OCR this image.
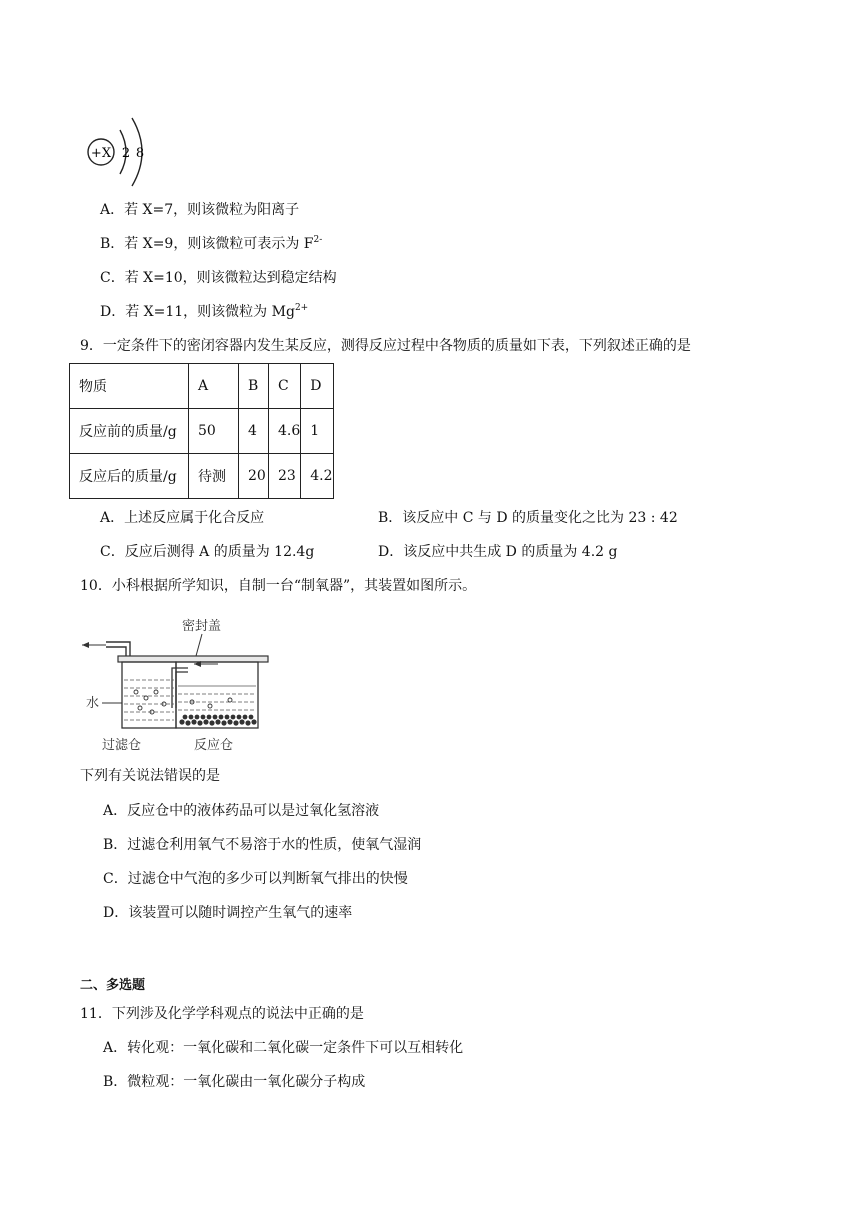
+X 2 8
A．若 X=7，则该微粒为阳离子
B．若 X=9，则该微粒可表示为 $F^{2-}$
C．若 X=10，则该微粒达到稳定结构
D．若 X=11，则该微粒为 $Mg^{2+}$
9．一定条件下的密闭容器内发生某反应，测得反应过程中各物质的质量如下表，下列叙述正确的是
物质	A	B	C	D
反应前的质量/g	50	4	4.6	1
反应后的质量/g	待测	20	23	4.2
A．上述反应属于化合反应	B．该反应中 C 与 D 的质量变化之比为 23 : 42
C．反应后测得 A 的质量为 12.4g	D．该反应中共生成 D 的质量为 4.2 g
10．小科根据所学知识，自制一台“制氧器”，其装置如图所示。
密封盖
水
过滤仓	反应仓
下列有关说法错误的是
A．反应仓中的液体药品可以是过氧化氢溶液
B．过滤仓利用氧气不易溶于水的性质，使氧气湿润
C．过滤仓中气泡的多少可以判断氧气排出的快慢
D．该装置可以随时调控产生氧气的速率
二、多选题
11．下列涉及化学学科观点的说法中正确的是
A．转化观：一氧化碳和二氧化碳一定条件下可以互相转化
B．微粒观：一氧化碳由一氧化碳分子构成
